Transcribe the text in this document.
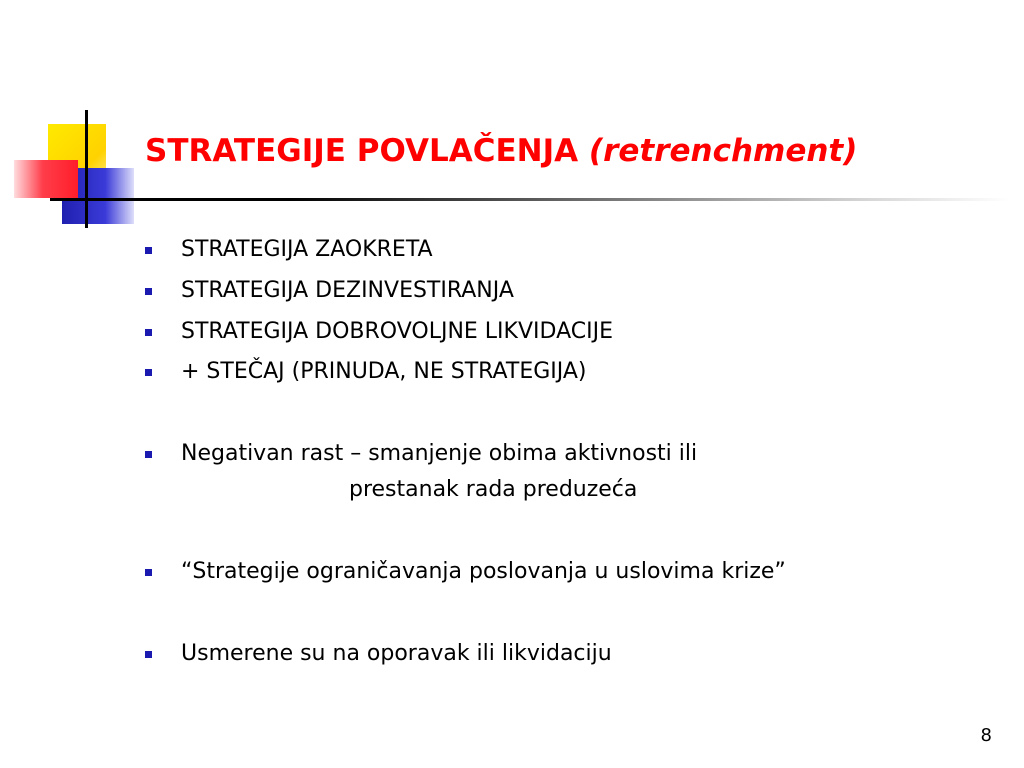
STRATEGIJE POVLAČENJA (retrenchment)
STRATEGIJA ZAOKRETA
STRATEGIJA DEZINVESTIRANJA
STRATEGIJA DOBROVOLJNE LIKVIDACIJE
+ STEČAJ (PRINUDA, NE STRATEGIJA)
Negativan rast – smanjenje obima aktivnosti ili
prestanak rada preduzeća
“Strategije ograničavanja poslovanja u uslovima krize”
Usmerene su na oporavak ili likvidaciju
8
